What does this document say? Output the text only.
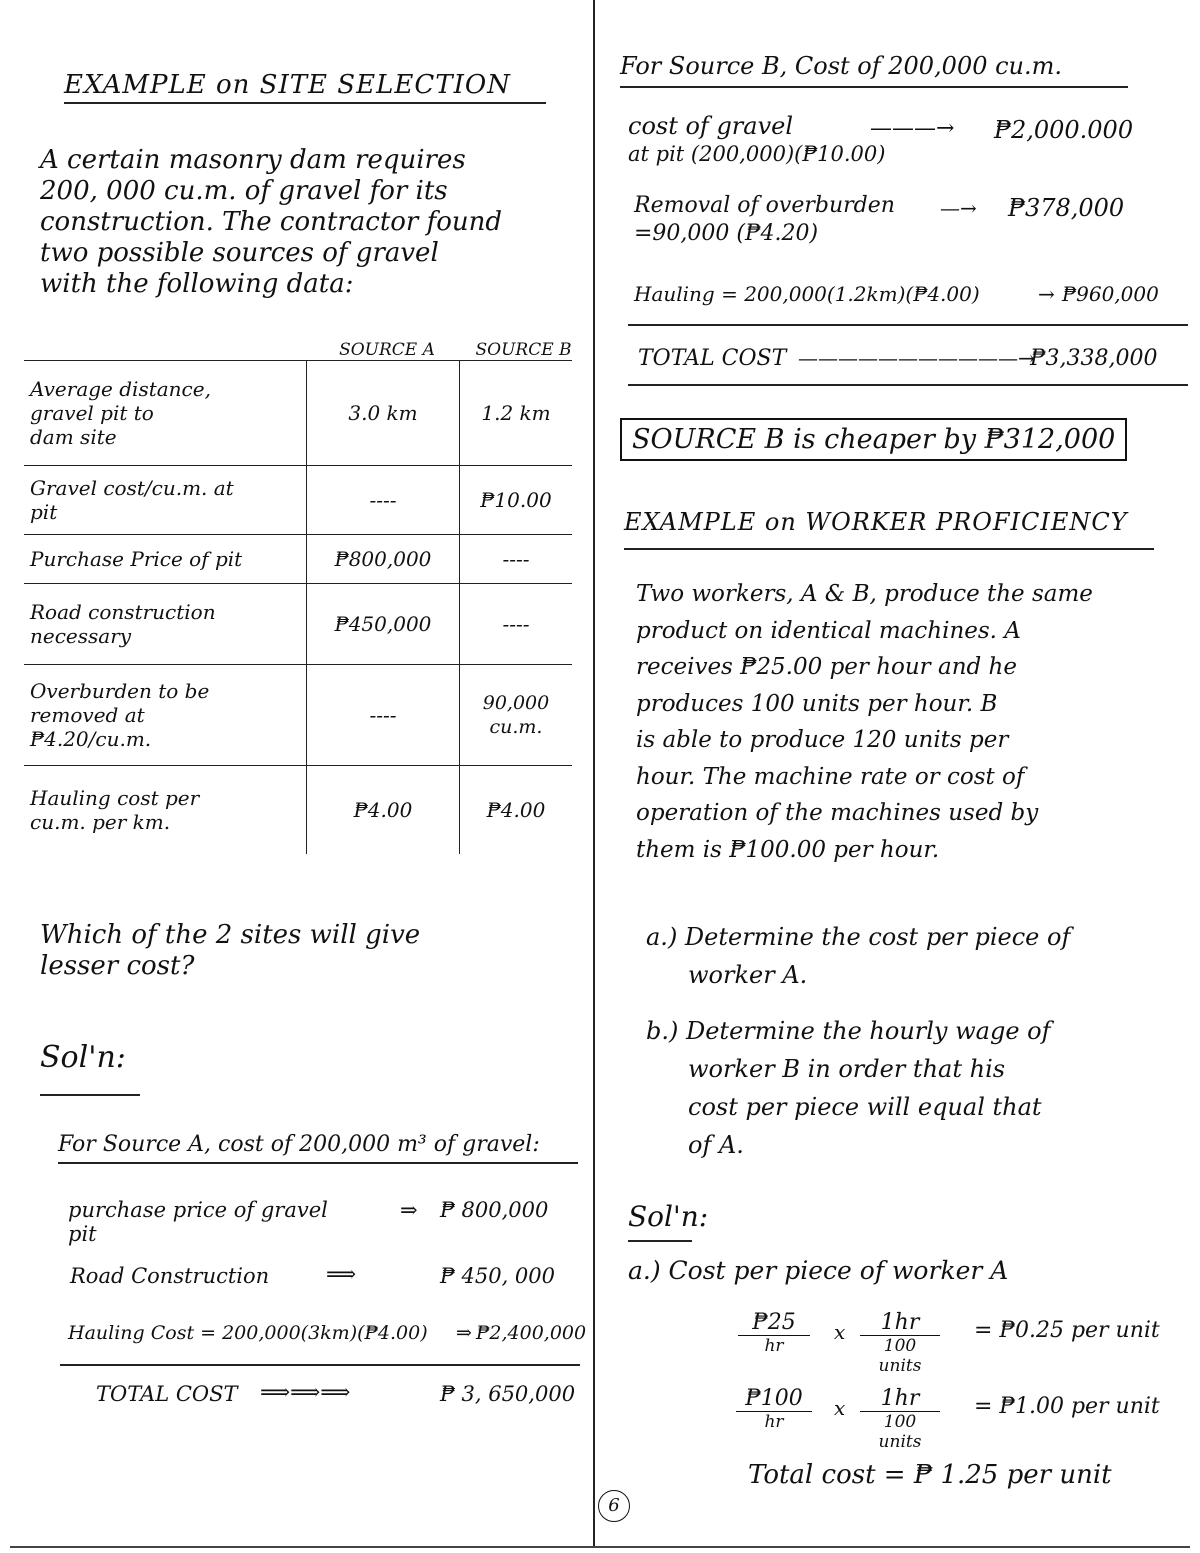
EXAMPLE on SITE SELECTION
A certain masonry dam requires
200, 000 cu.m. of gravel for its
construction. The contractor found
two possible sources of gravel
with the following data:
SOURCE A	SOURCE B
Average distance,
gravel pit to
dam site	3.0 km	1.2 km

Gravel cost/cu.m. at
pit	----	₱10.00

Purchase Price of pit	₱800,000	----

Road construction
necessary	₱450,000	----

Overburden to be
removed at
₱4.20/cu.m.	----	90,000 cu.m.

Hauling cost per
cu.m. per km.	₱4.00	₱4.00
Which of the 2 sites will give
lesser cost?
Sol'n:
For Source A, cost of 200,000 m³ of gravel:
purchase price of gravel
pit
⇒ ₱ 800,000
Road Construction	⟹	₱ 450, 000
Hauling Cost = 200,000(3km)(₱4.00) ⇒ ₱2,400,000
TOTAL COST ⟹⟹⟹	₱ 3, 650,000
For Source B, Cost of 200,000 cu.m.
cost of gravel
at pit (200,000)(₱10.00)
———→ ₱2,000.000
Removal of overburden
=90,000 (₱4.20)
—→ ₱378,000
Hauling = 200,000(1.2km)(₱4.00)	→ ₱960,000
TOTAL COST ———————————→
₱3,338,000
SOURCE B is cheaper by ₱312,000
EXAMPLE on WORKER PROFICIENCY
Two workers, A & B, produce the same
product on identical machines. A
receives ₱25.00 per hour and he
produces 100 units per hour. B
is able to produce 120 units per
hour. The machine rate or cost of
operation of the machines used by
them is ₱100.00 per hour.
a.) Determine the cost per piece of
worker A.
b.) Determine the hourly wage of
worker B in order that his
cost per piece will equal that
of A.
Sol'n:
a.) Cost per piece of worker A
₱25
hr
x	1hr
100 units
= ₱0.25 per unit
₱100
hr
x	1hr
100 units
= ₱1.00 per unit
Total cost = ₱ 1.25 per unit
6
